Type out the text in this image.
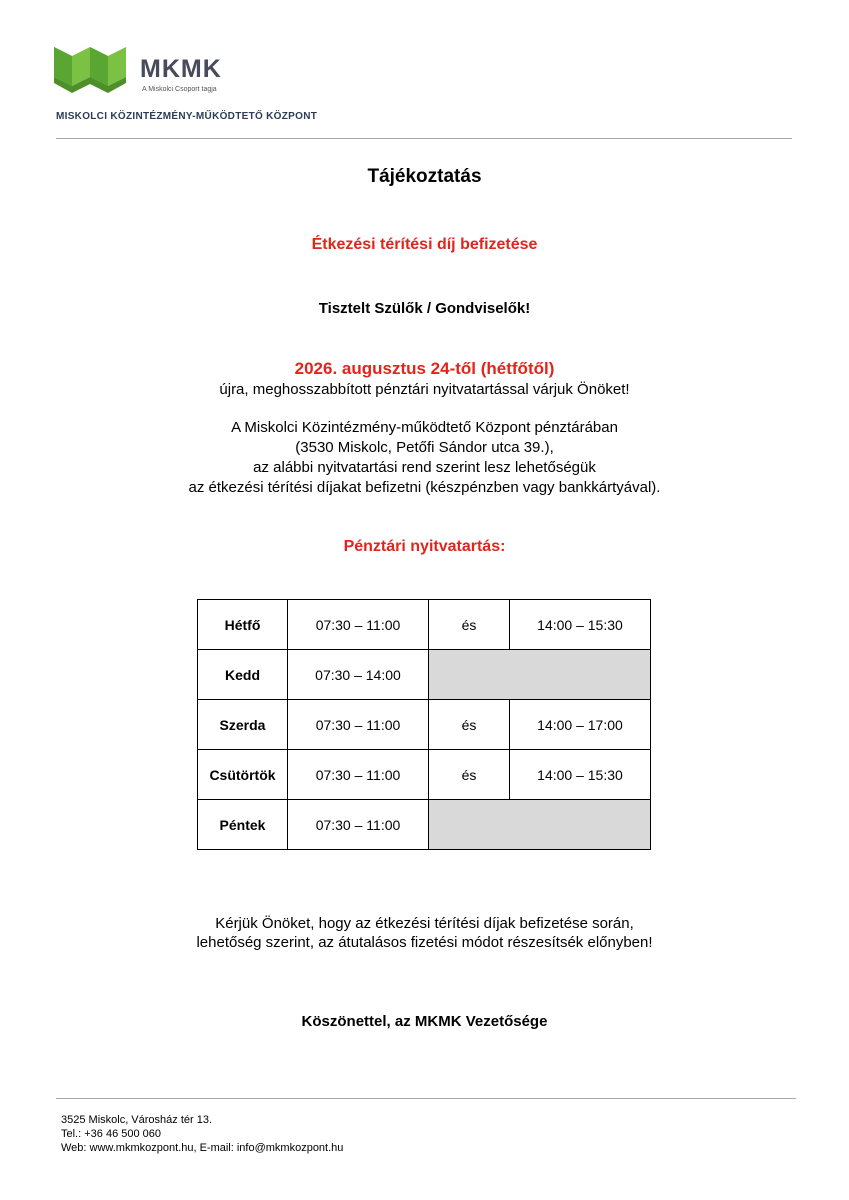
MKMK
A Miskolci Csoport tagja
MISKOLCI KÖZINTÉZMÉNY-MŰKÖDTETŐ KÖZPONT
Tájékoztatás
Étkezési térítési díj befizetése
Tisztelt Szülők / Gondviselők!
2026. augusztus 24-től (hétfőtől)
újra, meghosszabbított pénztári nyitvatartással várjuk Önöket!
A Miskolci Közintézmény-működtető Központ pénztárában
(3530 Miskolc, Petőfi Sándor utca 39.),
az alábbi nyitvatartási rend szerint lesz lehetőségük
az étkezési térítési díjakat befizetni (készpénzben vagy bankkártyával).
Pénztári nyitvatartás:
Hétfő	07:30 – 11:00	és	14:00 – 15:30
Kedd	07:30 – 14:00		
Szerda	07:30 – 11:00	és	14:00 – 17:00
Csütörtök	07:30 – 11:00	és	14:00 – 15:30
Péntek	07:30 – 11:00		
Kérjük Önöket, hogy az étkezési térítési díjak befizetése során,
lehetőség szerint, az átutalásos fizetési módot részesítsék előnyben!
Köszönettel, az MKMK Vezetősége
3525 Miskolc, Városház tér 13.
Tel.: +36 46 500 060
Web: www.mkmkozpont.hu, E-mail: info@mkmkozpont.hu
